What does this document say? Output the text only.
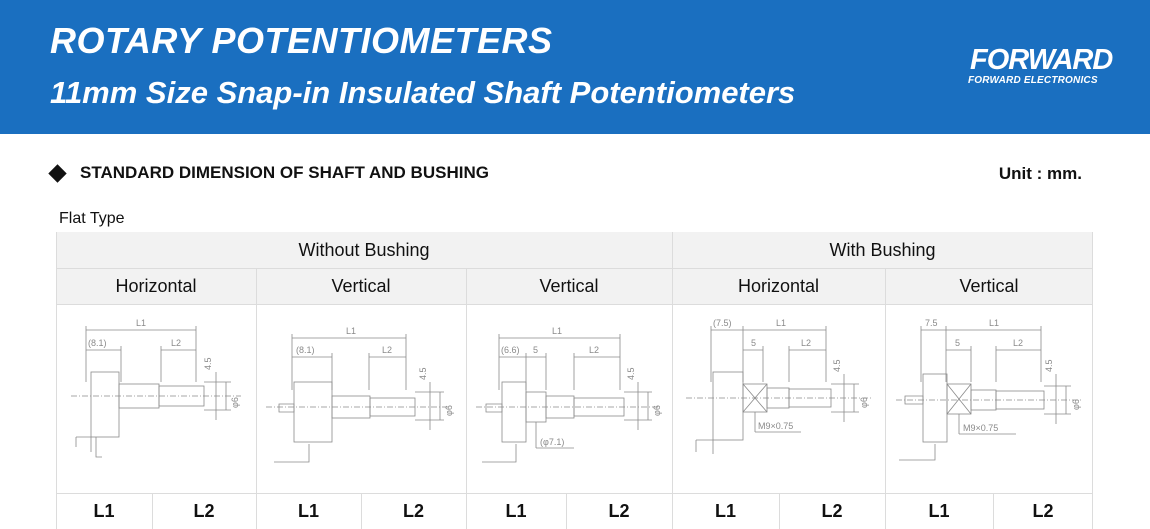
ROTARY POTENTIOMETERS
11mm Size Snap-in Insulated Shaft Potentiometers
FORWARD
FORWARD ELECTRONICS
STANDARD DIMENSION OF SHAFT AND BUSHING	Unit : mm.
Flat Type
Without Bushing	With Bushing
Horizontal	Vertical	Vertical	Horizontal	Vertical
L1	L2	L1	L2	L1	L2	L1	L2	L1	L2
L1
(8.1)	L2
4.5
φ6
L1
(8.1)	L2
4.5
φ6
L1
(6.6) 5	L2
4.5
φ6
(φ7.1)
L1
(7.5)
5	L2
4.5
φ6
M9×0.75
L1
7.5
5	L2
4.5
φ6
M9×0.75
